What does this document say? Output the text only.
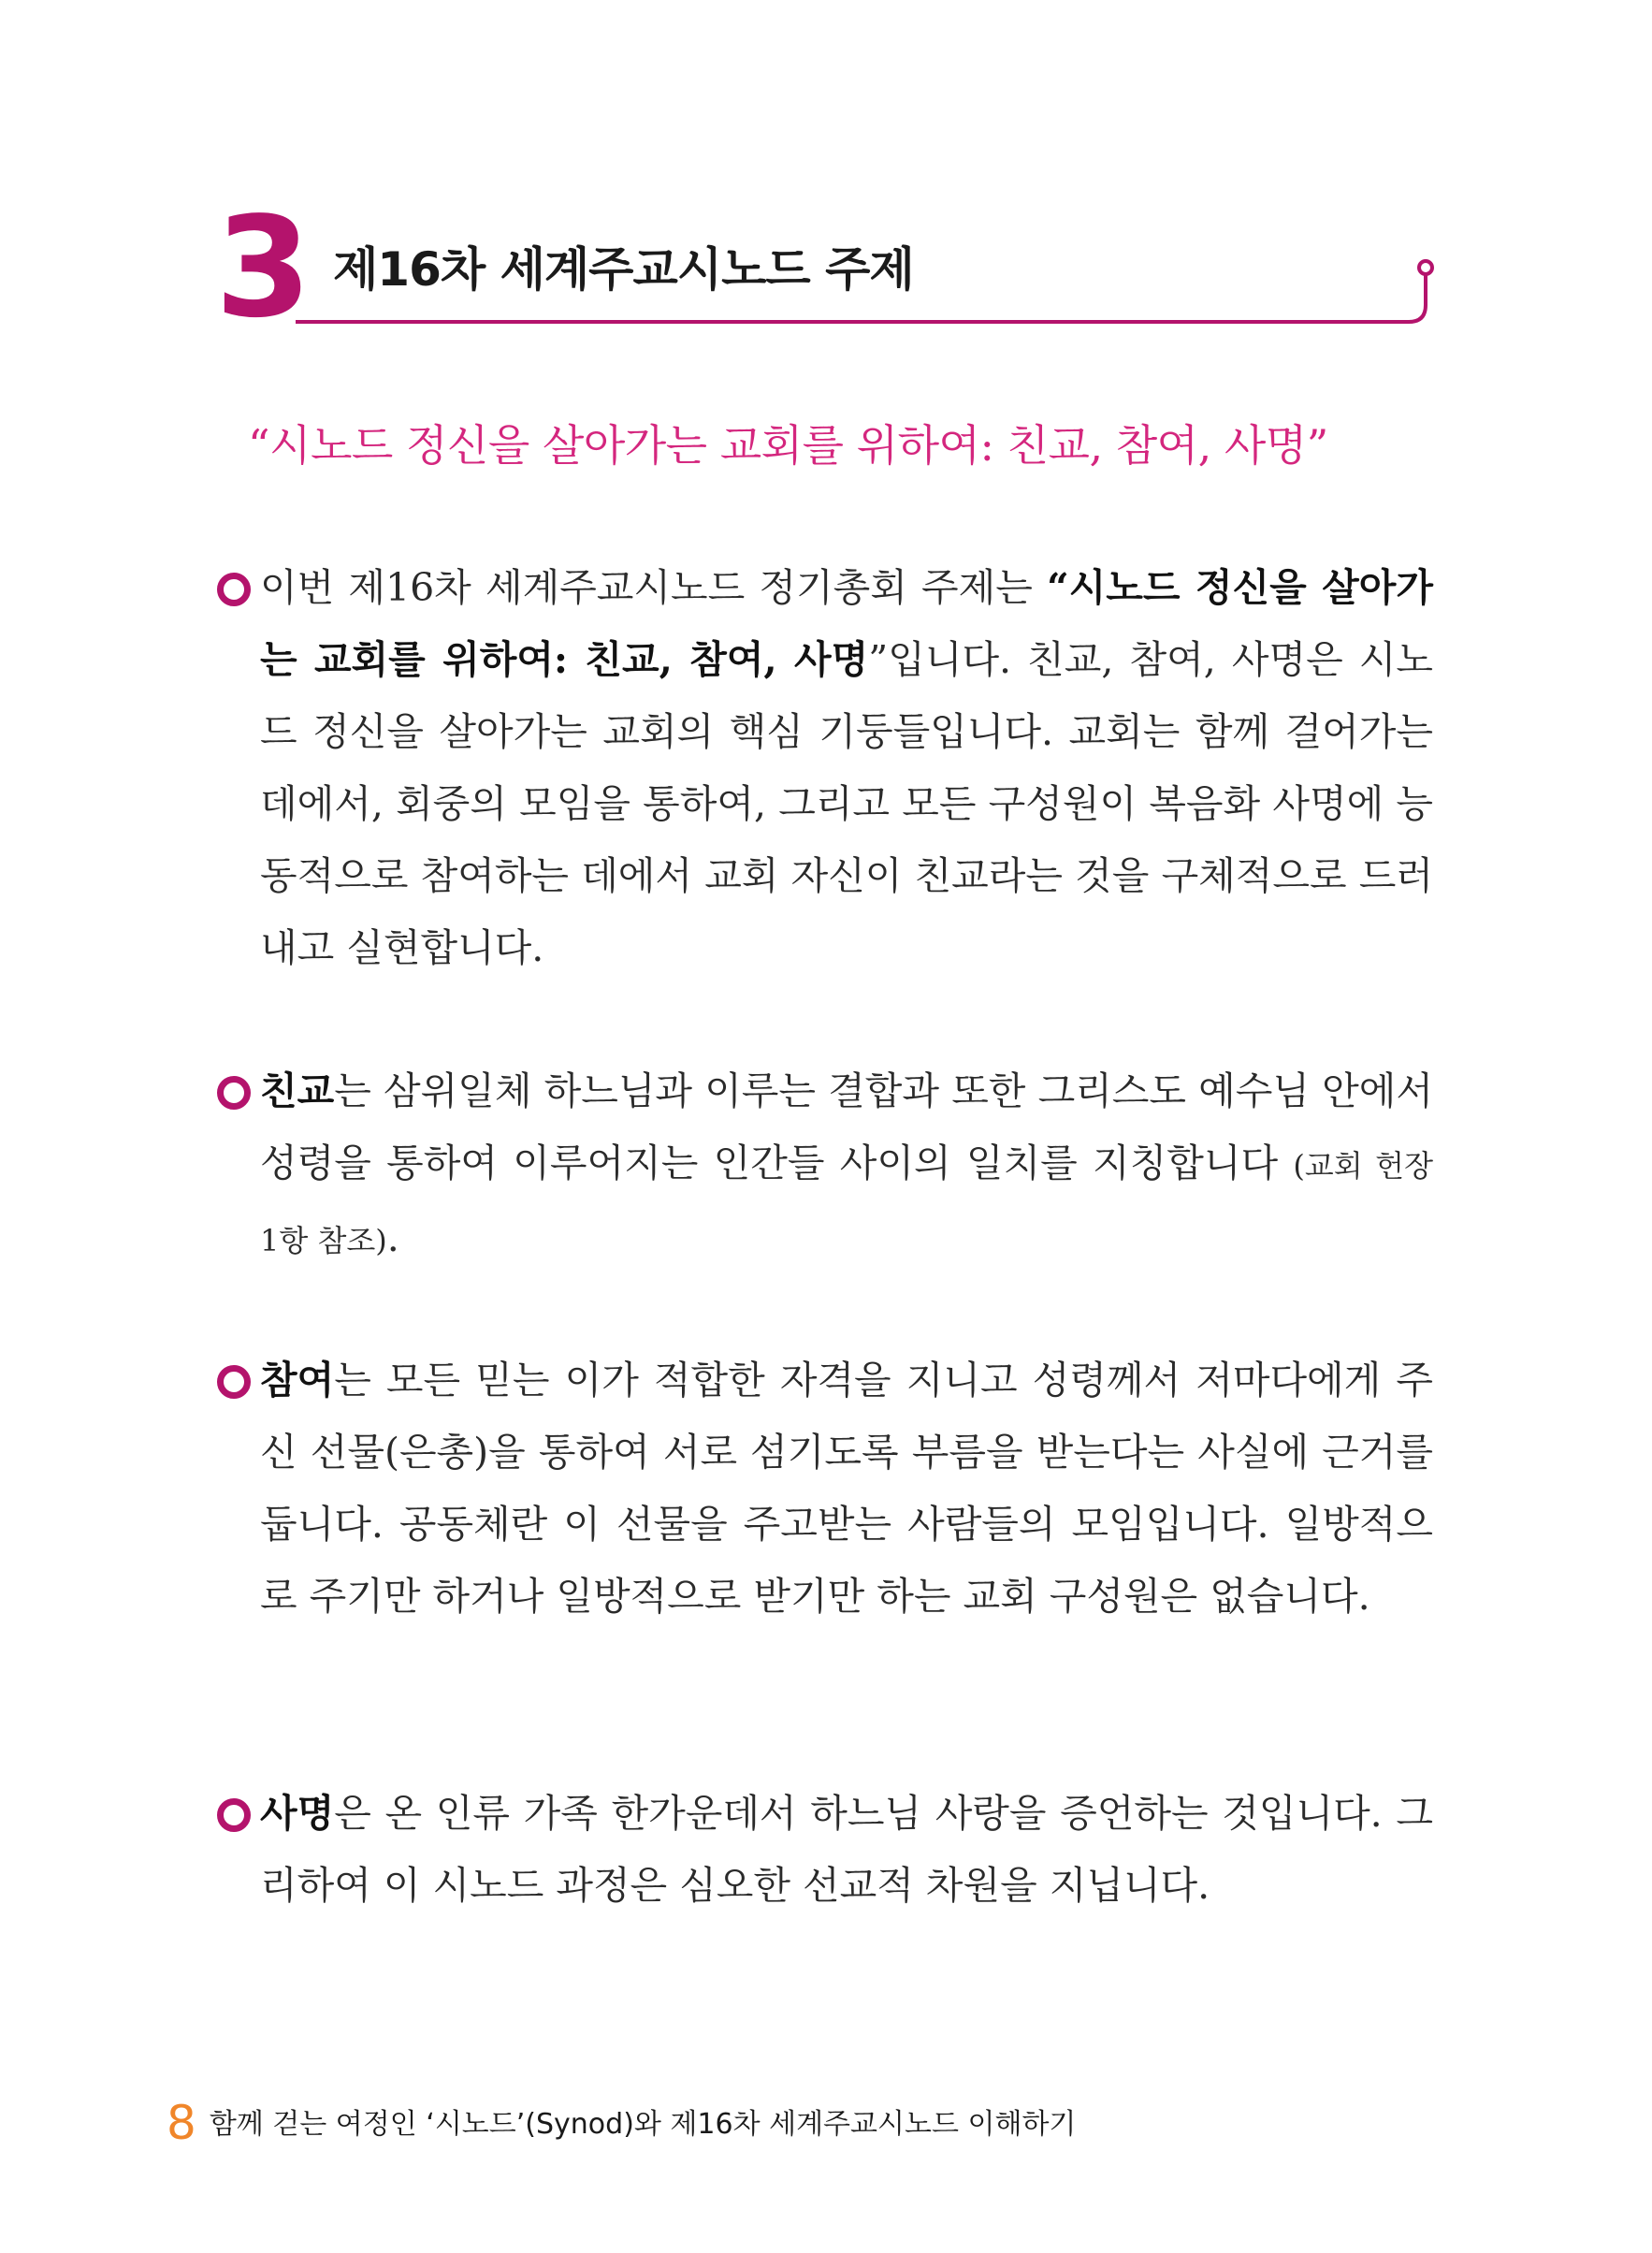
3 제16차 세계주교시노드 주제
“시노드 정신을 살아가는 교회를 위하여: 친교, 참여, 사명”
이번 제16차 세계주교시노드 정기총회 주제는 “시노드 정신을 살아가는 교회를 위하여: 친교, 참여, 사명”입니다. 친교, 참여, 사명은 시노드 정신을 살아가는 교회의 핵심 기둥들입니다. 교회는 함께 걸어가는 데에서, 회중의 모임을 통하여, 그리고 모든 구성원이 복음화 사명에 능동적으로 참여하는 데에서 교회 자신이 친교라는 것을 구체적으로 드러내고 실현합니다.
친교는 삼위일체 하느님과 이루는 결합과 또한 그리스도 예수님 안에서 성령을 통하여 이루어지는 인간들 사이의 일치를 지칭합니다 (교회 헌장 1항 참조).
참여는 모든 믿는 이가 적합한 자격을 지니고 성령께서 저마다에게 주신 선물(은총)을 통하여 서로 섬기도록 부름을 받는다는 사실에 근거를 둡니다. 공동체란 이 선물을 주고받는 사람들의 모임입니다. 일방적으로 주기만 하거나 일방적으로 받기만 하는 교회 구성원은 없습니다.
사명은 온 인류 가족 한가운데서 하느님 사랑을 증언하는 것입니다. 그리하여 이 시노드 과정은 심오한 선교적 차원을 지닙니다.
8 함께 걷는 여정인 ‘시노드’(Synod)와 제16차 세계주교시노드 이해하기
